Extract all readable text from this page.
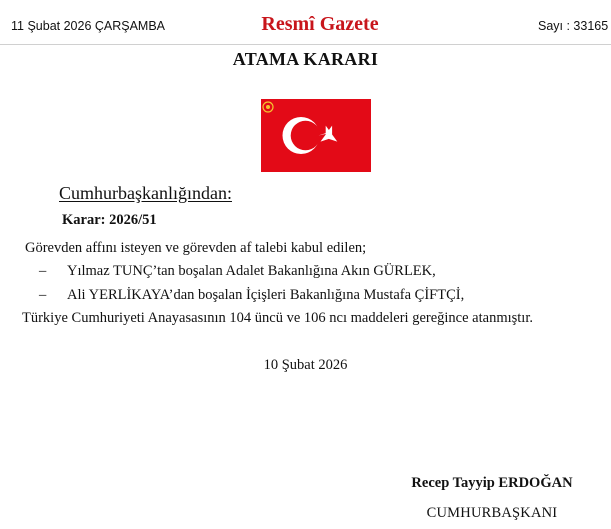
11 Şubat 2026 ÇARŞAMBA	Resmî Gazete	Sayı : 33165
ATAMA KARARI
Cumhurbaşkanlığından:
Karar: 2026/51
Görevden affını isteyen ve görevden af talebi kabul edilen;
– Yılmaz TUNÇ’tan boşalan Adalet Bakanlığına Akın GÜRLEK,
– Ali YERLİKAYA’dan boşalan İçişleri Bakanlığına Mustafa ÇİFTÇİ,
Türkiye Cumhuriyeti Anayasasının 104 üncü ve 106 ncı maddeleri gereğince atanmıştır.
10 Şubat 2026
Recep Tayyip ERDOĞAN
CUMHURBAŞKANI
